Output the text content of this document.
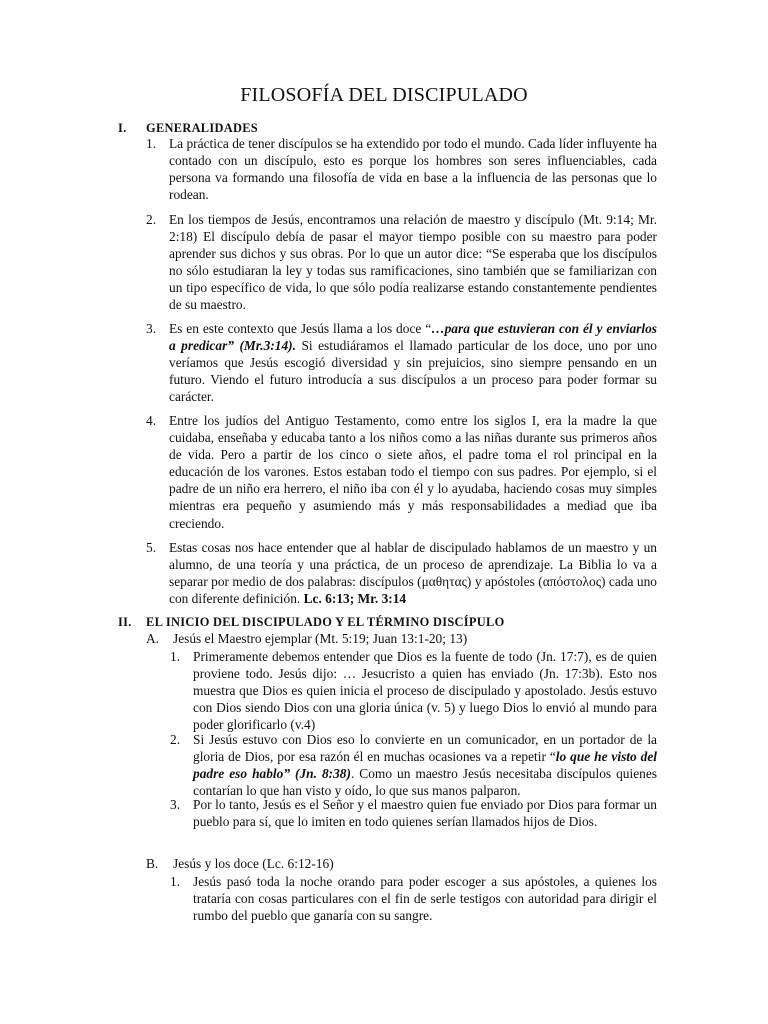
FILOSOFÍA DEL DISCIPULADO
I. GENERALIDADES
1. La práctica de tener discípulos se ha extendido por todo el mundo. Cada líder influyente ha contado con un discípulo, esto es porque los hombres son seres influenciables, cada persona va formando una filosofía de vida en base a la influencia de las personas que lo rodean.

2. En los tiempos de Jesús, encontramos una relación de maestro y discípulo (Mt. 9:14; Mr. 2:18) El discípulo debía de pasar el mayor tiempo posible con su maestro para poder aprender sus dichos y sus obras. Por lo que un autor dice: “Se esperaba que los discípulos no sólo estudiaran la ley y todas sus ramificaciones, sino también que se familiarizan con un tipo específico de vida, lo que sólo podía realizarse estando constantemente pendientes de su maestro.

3. Es en este contexto que Jesús llama a los doce “…para que estuvieran con él y enviarlos a predicar” (Mr.3:14). Si estudiáramos el llamado particular de los doce, uno por uno veríamos que Jesús escogió diversidad y sin prejuicios, sino siempre pensando en un futuro. Viendo el futuro introducía a sus discípulos a un proceso para poder formar su carácter.

4. Entre los judíos del Antiguo Testamento, como entre los siglos I, era la madre la que cuidaba, enseñaba y educaba tanto a los niños como a las niñas durante sus primeros años de vida. Pero a partir de los cinco o siete años, el padre toma el rol principal en la educación de los varones. Estos estaban todo el tiempo con sus padres. Por ejemplo, si el padre de un niño era herrero, el niño iba con él y lo ayudaba, haciendo cosas muy simples mientras era pequeño y asumiendo más y más responsabilidades a mediad que iba creciendo.

5. Estas cosas nos hace entender que al hablar de discipulado hablamos de un maestro y un alumno, de una teoría y una práctica, de un proceso de aprendizaje. La Biblia lo va a separar por medio de dos palabras: discípulos (μαθητας) y apóstoles (απόστολος) cada uno con diferente definición. Lc. 6:13; Mr. 3:14

II. EL INICIO DEL DISCIPULADO Y EL TÉRMINO DISCÍPULO
A. Jesús el Maestro ejemplar (Mt. 5:19; Juan 13:1-20; 13)
1. Primeramente debemos entender que Dios es la fuente de todo (Jn. 17:7), es de quien proviene todo. Jesús dijo: … Jesucristo a quien has enviado (Jn. 17:3b). Esto nos muestra que Dios es quien inicia el proceso de discipulado y apostolado. Jesús estuvo con Dios siendo Dios con una gloria única (v. 5) y luego Dios lo envió al mundo para poder glorificarlo (v.4)

2. Si Jesús estuvo con Dios eso lo convierte en un comunicador, en un portador de la gloria de Dios, por esa razón él en muchas ocasiones va a repetir “lo que he visto del padre eso hablo” (Jn. 8:38). Como un maestro Jesús necesitaba discípulos quienes contarían lo que han visto y oído, lo que sus manos palparon.

3. Por lo tanto, Jesús es el Señor y el maestro quien fue enviado por Dios para formar un pueblo para sí, que lo imiten en todo quienes serían llamados hijos de Dios.

B. Jesús y los doce (Lc. 6:12-16)
1. Jesús pasó toda la noche orando para poder escoger a sus apóstoles, a quienes los trataría con cosas particulares con el fin de serle testigos con autoridad para dirigir el rumbo del pueblo que ganaría con su sangre.
